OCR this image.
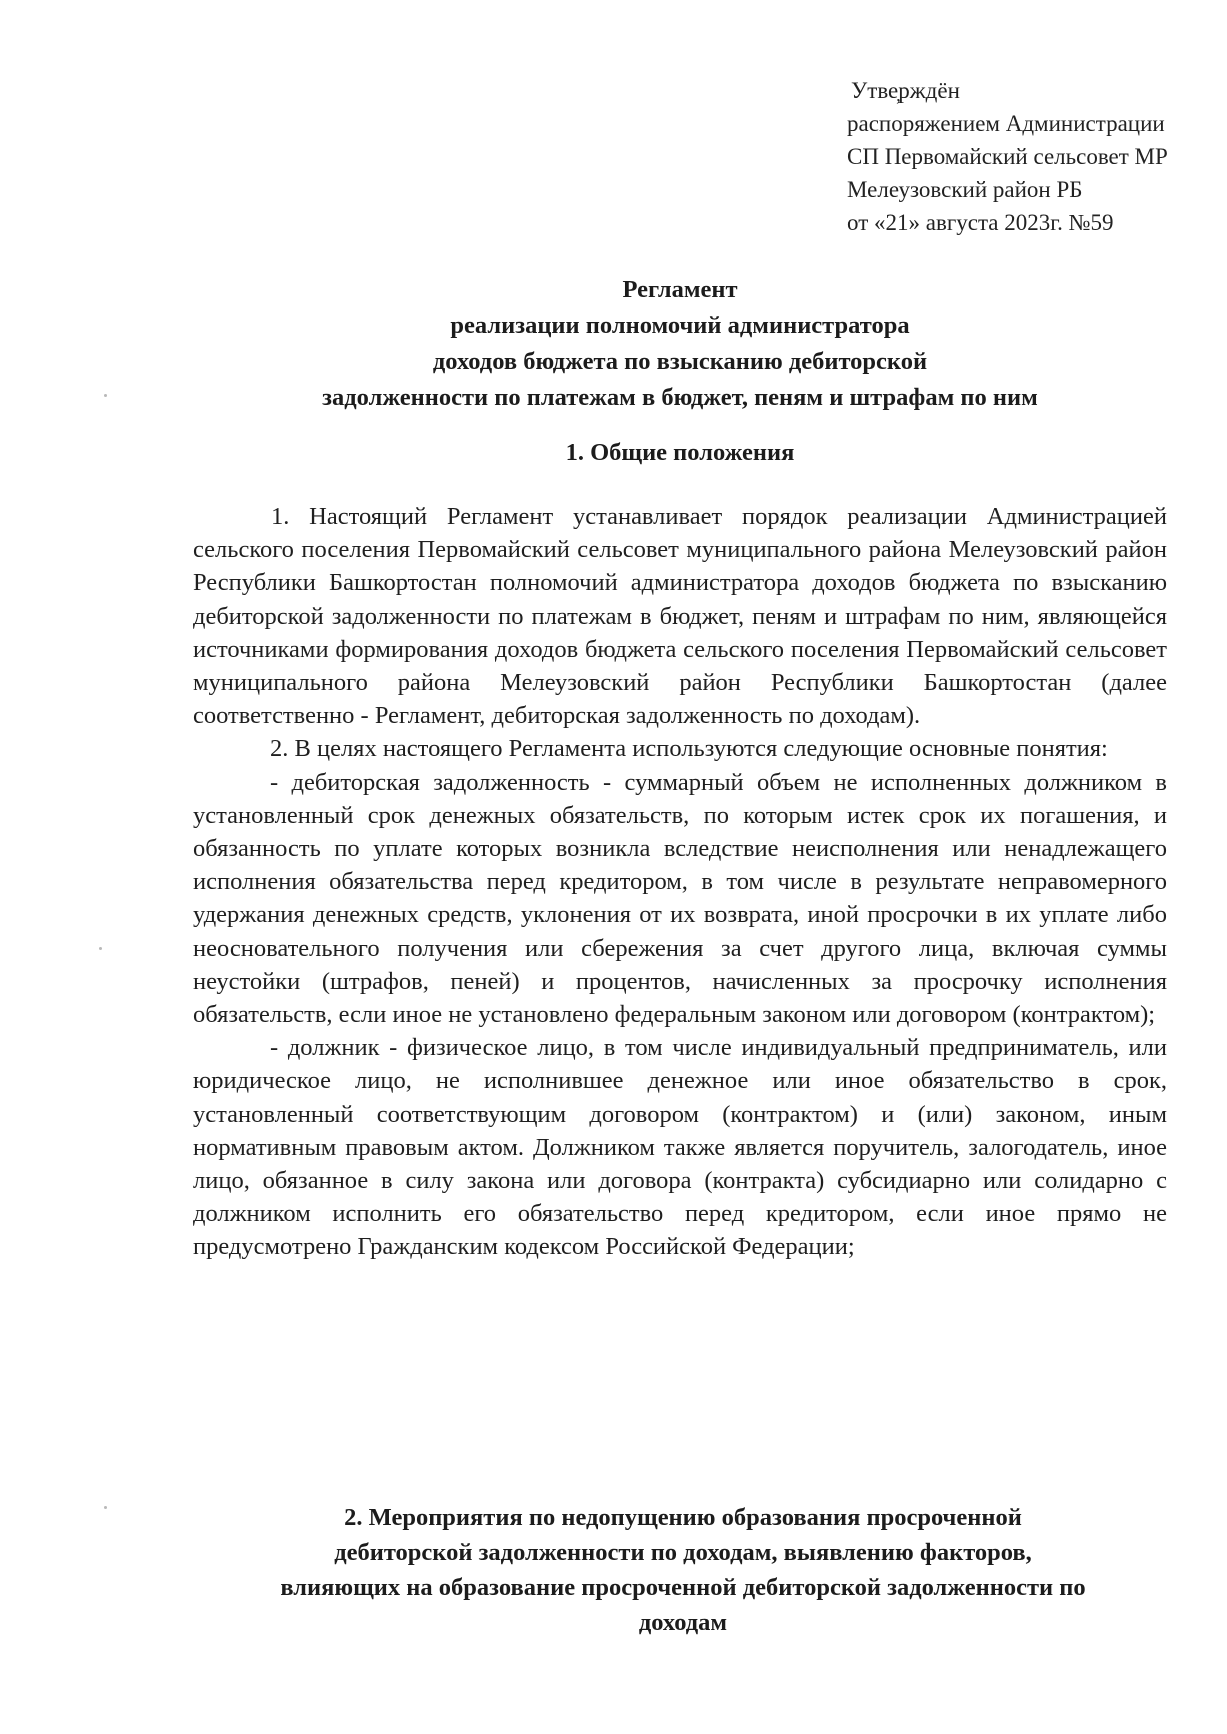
Утве̦рждён
распоряжением Администрации
СП Первомайский сельсовет МР
Мелеузовский район РБ
от «21» августа 2023г. №59
Регламент
реализации полномочий администратора
доходов бюджета по взысканию дебиторской
задолженности по платежам в бюджет, пеням и штрафам по ним
1. Общие положения

1. Настоящий Регламент устанавливает порядок реализации Администрацией сельского поселения Первомайский сельсовет муниципального района Мелеузовский район Республики Башкортостан полномочий администратора доходов бюджета по взысканию дебиторской задолженности по платежам в бюджет, пеням и штрафам по ним, являющейся источниками формирования доходов бюджета сельского поселения Первомайский сельсовет муниципального района Мелеузовский район Республики Башкортостан (далее соответственно - Регламент, дебиторская задолженность по доходам).

2. В целях настоящего Регламента используются следующие основные понятия:

- дебиторская задолженность - суммарный объем не исполненных должником в установленный срок денежных обязательств, по которым истек срок их погашения, и обязанность по уплате которых возникла вследствие неисполнения или ненадлежащего исполнения обязательства перед кредитором, в том числе в результате неправомерного удержания денежных средств, уклонения от их возврата, иной просрочки в их уплате либо неосновательного получения или сбережения за счет другого лица, включая суммы неустойки (штрафов, пеней) и процентов, начисленных за просрочку исполнения обязательств, если иное не установлено федеральным законом или договором (контрактом);

- должник - физическое лицо, в том числе индивидуальный предприниматель, или юридическое лицо, не исполнившее денежное или иное обязательство в срок, установленный соответствующим договором (контрактом) и (или) законом, иным нормативным правовым актом. Должником также является поручитель, залогодатель, иное лицо, обязанное в силу закона или договора (контракта) субсидиарно или солидарно с должником исполнить его обязательство перед кредитором, если иное прямо не предусмотрено Гражданским кодексом Российской Федерации;

2. Мероприятия по недопущению образования просроченной
дебиторской задолженности по доходам, выявлению факторов,
влияющих на образование просроченной дебиторской задолженности по
доходам
